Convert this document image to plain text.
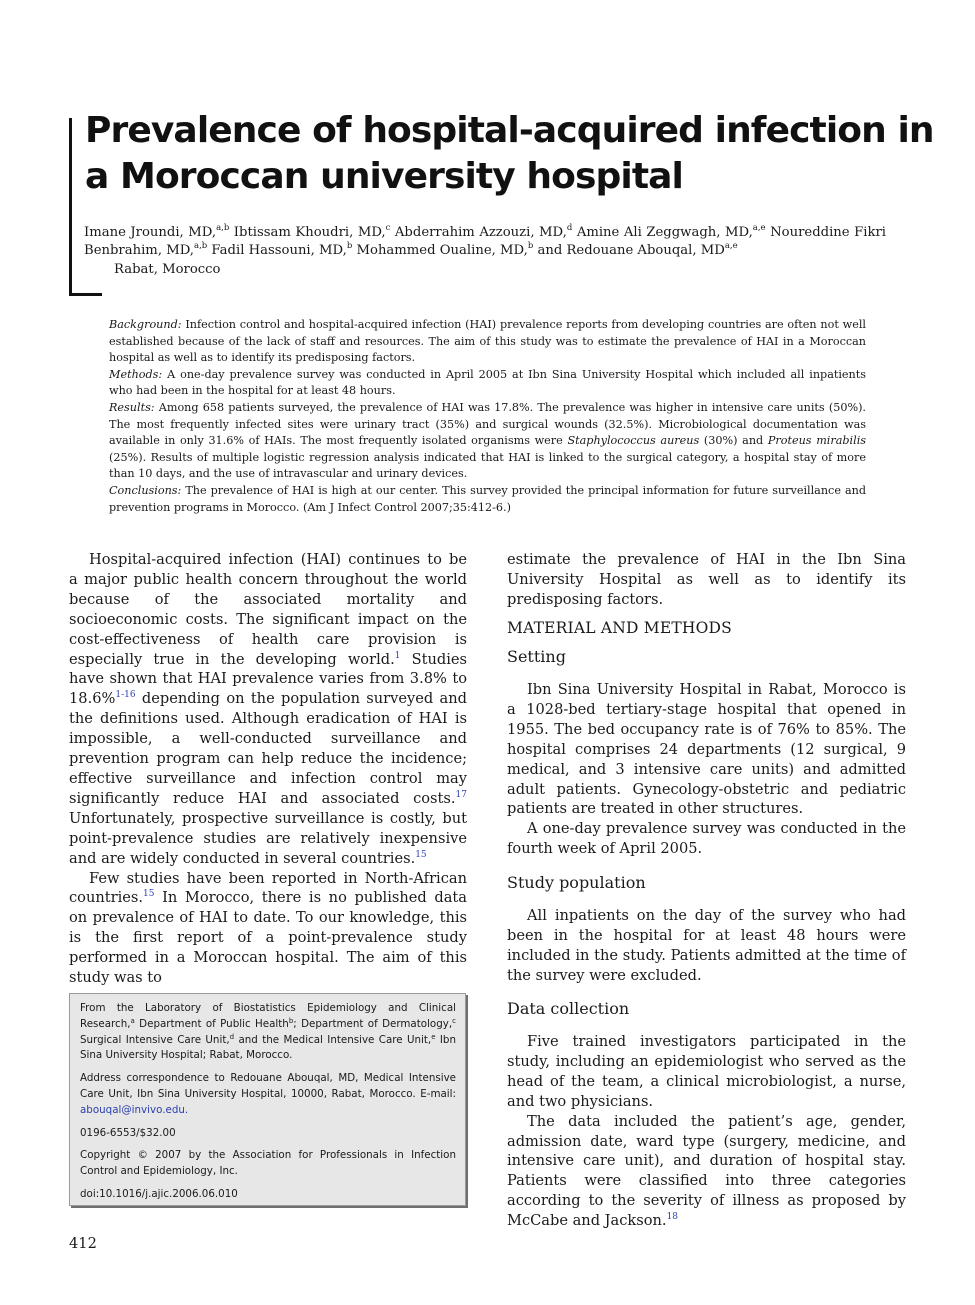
Prevalence of hospital-acquired infection in a Moroccan university hospital
Imane Jroundi, MD,$^{a,b}$ Ibtissam Khoudri, MD,$^c$ Abderrahim Azzouzi, MD,$^d$ Amine Ali Zeggwagh, MD,$^{a,e}$ Noureddine Fikri Benbrahim, MD,$^{a,b}$ Fadil Hassouni, MD,$^b$ Mohammed Oualine, MD,$^b$ and Redouane Abouqal, MD$^{a,e}$
Rabat, Morocco

Background: Infection control and hospital-acquired infection (HAI) prevalence reports from developing countries are often not well established because of the lack of staff and resources. The aim of this study was to estimate the prevalence of HAI in a Moroccan hospital as well as to identify its predisposing factors.

Methods: A one-day prevalence survey was conducted in April 2005 at Ibn Sina University Hospital which included all inpatients who had been in the hospital for at least 48 hours.

Results: Among 658 patients surveyed, the prevalence of HAI was 17.8%. The prevalence was higher in intensive care units (50%). The most frequently infected sites were urinary tract (35%) and surgical wounds (32.5%). Microbiological documentation was available in only 31.6% of HAIs. The most frequently isolated organisms were Staphylococcus aureus (30%) and Proteus mirabilis (25%). Results of multiple logistic regression analysis indicated that HAI is linked to the surgical category, a hospital stay of more than 10 days, and the use of intravascular and urinary devices.

Conclusions: The prevalence of HAI is high at our center. This survey provided the principal information for future surveillance and prevention programs in Morocco. (Am J Infect Control 2007;35:412-6.)

Hospital-acquired infection (HAI) continues to be a major public health concern throughout the world because of the associated mortality and socioeconomic costs. The significant impact on the cost-effectiveness of health care provision is especially true in the developing world.$^1$ Studies have shown that HAI prevalence varies from 3.8% to 18.6%$^{1-16}$ depending on the population surveyed and the definitions used. Although eradication of HAI is impossible, a well-conducted surveillance and prevention program can help reduce the incidence; effective surveillance and infection control may significantly reduce HAI and associated costs.$^{17}$ Unfortunately, prospective surveillance is costly, but point-prevalence studies are relatively inexpensive and are widely conducted in several countries.$^{15}$

Few studies have been reported in North-African countries.$^{15}$ In Morocco, there is no published data on prevalence of HAI to date. To our knowledge, this is the first report of a point-prevalence study performed in a Moroccan hospital. The aim of this study was to

estimate the prevalence of HAI in the Ibn Sina University Hospital as well as to identify its predisposing factors.

MATERIAL AND METHODS
Setting

Ibn Sina University Hospital in Rabat, Morocco is a 1028-bed tertiary-stage hospital that opened in 1955. The bed occupancy rate is of 76% to 85%. The hospital comprises 24 departments (12 surgical, 9 medical, and 3 intensive care units) and admitted adult patients. Gynecology-obstetric and pediatric patients are treated in other structures.

A one-day prevalence survey was conducted in the fourth week of April 2005.

Study population

All inpatients on the day of the survey who had been in the hospital for at least 48 hours were included in the study. Patients admitted at the time of the survey were excluded.

Data collection

Five trained investigators participated in the study, including an epidemiologist who served as the head of the team, a clinical microbiologist, a nurse, and two physicians.

The data included the patient’s age, gender, admission date, ward type (surgery, medicine, and intensive care unit), and duration of hospital stay. Patients were classified into three categories according to the severity of illness as proposed by McCabe and Jackson.$^{18}$

From the Laboratory of Biostatistics Epidemiology and Clinical Research,$^a$ Department of Public Health$^b$; Department of Dermatology,$^c$ Surgical Intensive Care Unit,$^d$ and the Medical Intensive Care Unit,$^e$ Ibn Sina University Hospital; Rabat, Morocco.

Address correspondence to Redouane Abouqal, MD, Medical Intensive Care Unit, Ibn Sina University Hospital, 10000, Rabat, Morocco. E-mail: abouqal@invivo.edu.

0196-6553/$32.00

Copyright © 2007 by the Association for Professionals in Infection Control and Epidemiology, Inc.

doi:10.1016/j.ajic.2006.06.010

412
